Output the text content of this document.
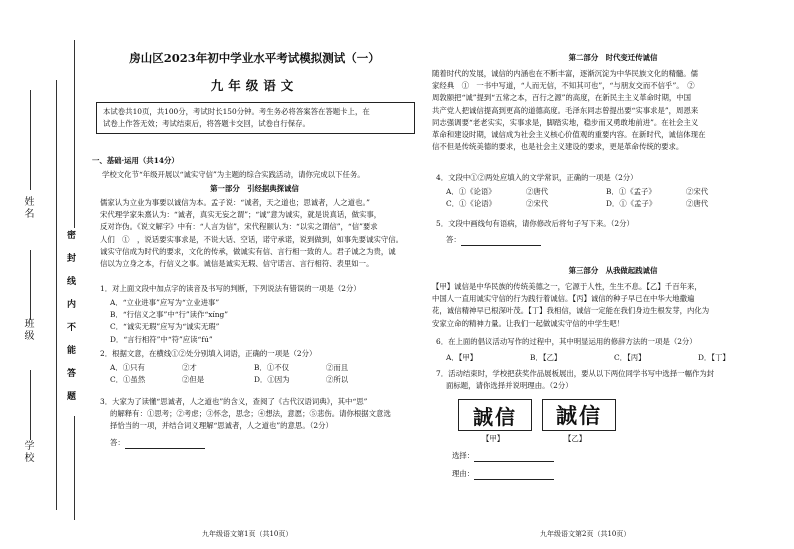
姓名
班级
学校
密封线内不能答题
房山区2023年初中学业水平考试模拟测试（一）
九年级语文
本试卷共10页，共100分，考试时长150分钟。考生务必将答案答在答题卡上，在
试卷上作答无效；考试结束后，将答题卡交回，试卷自行保存。
一、基础·运用（共14分）
学校文化节“年级开展以“诚实守信”为主题的综合实践活动，请你完成以下任务。
第一部分　引经据典探诚信
儒家认为立业为事要以诚信为本。孟子说：“诚者，天之道也；思诚者，人之道也。”
宋代理学家朱熹认为：“诚者，真实无妄之谓”；“诚”意为诚实，就是说真话，做实事，
反对诈伪。《说文解字》中有：“人言为信”，宋代程颐认为：“以实之谓信”，“信”要求
人们　①　，说话要实事求是，不说大话、空话，诺守承诺，说到做到，如事先要诚实守信。
诚实守信成为时代的要求，文化的传承，做诚实有信、言行相一致的人。君子诚之为贵，诚
信以为立身之本，行信义之事。诚信是诚实无瑕、信守诺言、言行相符、表里如一。
1．对上面文段中加点字的读音及书写的判断，下列说法有错误的一项是（2分）
A．“立业进事”应写为“立业进事”
B．“行信义之事”中“行”读作“xíng”
C．“诚实无瑕”应写为“诚实无瑕”
D．“言行相符”中“符”应读“fú”
2．根据文意，在横线①②处分别填入词语，正确的一项是（2分）
A．①只有	②才	B．①不仅	②而且
C．①虽然	②但是	D．①因为	②所以
3．大家为了读懂“思诚者，人之道也”的含义，查阅了《古代汉语词典》，其中“思”
的解释有：①思考；②考虑；③怀念，思念；④想法，意愿；⑤悲伤。请你根据文意选
择恰当的一项，并结合词义理解“思诚者，人之道也”的意思。（2分）
答：
九年级语文第1页（共10页）
第二部分　时代变迁传诚信
随着时代的发展，诚信的内涵也在不断丰富，逐渐沉淀为中华民族文化的精髓。儒
家经典　①　一书中写道，“人而无信，不知其可也”，“与朋友交而不信乎”。　②
周敦颐把“诚”提到“五常之本，百行之源”的高度，在新民主主义革命时期，中国
共产党人把诚信提高到更高的道德高度。毛泽东同志曾提出要“实事求是”，周恩来
同志强调要“老老实实，实事求是，脚踏实地，稳步而又勇敢地前进”。在社会主义
革命和建设时期，诚信成为社会主义核心价值观的重要内容。在新时代，诚信体现在
信不但是传统美德的要求，也是社会主义建设的要求，更是革命传统的要求。
4．文段中①②两处应填入的文学常识，正确的一项是（2分）
A．①《论语》	②唐代	B．①《孟子》	②宋代
C．①《论语》	②宋代	D．①《孟子》	②唐代
5．文段中画线句有语病，请你修改后将句子写下来。（2分）
答：
第三部分　从我做起践诚信
【甲】诚信是中华民族的传统美德之一，它源于人性，生生不息。【乙】千百年来，
中国人一直用诚实守信的行为践行着诚信。【丙】诚信的种子早已在中华大地撒遍
花，诚信精神早已根深叶茂。【丁】我相信，诚信一定能在我们身边生根发芽，内化为
安家立命的精神力量。让我们一起做诚实守信的中学生吧！
6．在上面的倡议活动写作的过程中，其中明显运用的修辞方法的一项是（2分）
A．【甲】	B．【乙】	C．【丙】	D．【丁】
7．活动结束时，学校把获奖作品展板展出，要从以下两位同学书写中选择一幅作为封
面标题，请你选择并说明理由。（2分）
誠信	誠信
【甲】	【乙】
选择：
理由：
九年级语文第2页（共10页）
